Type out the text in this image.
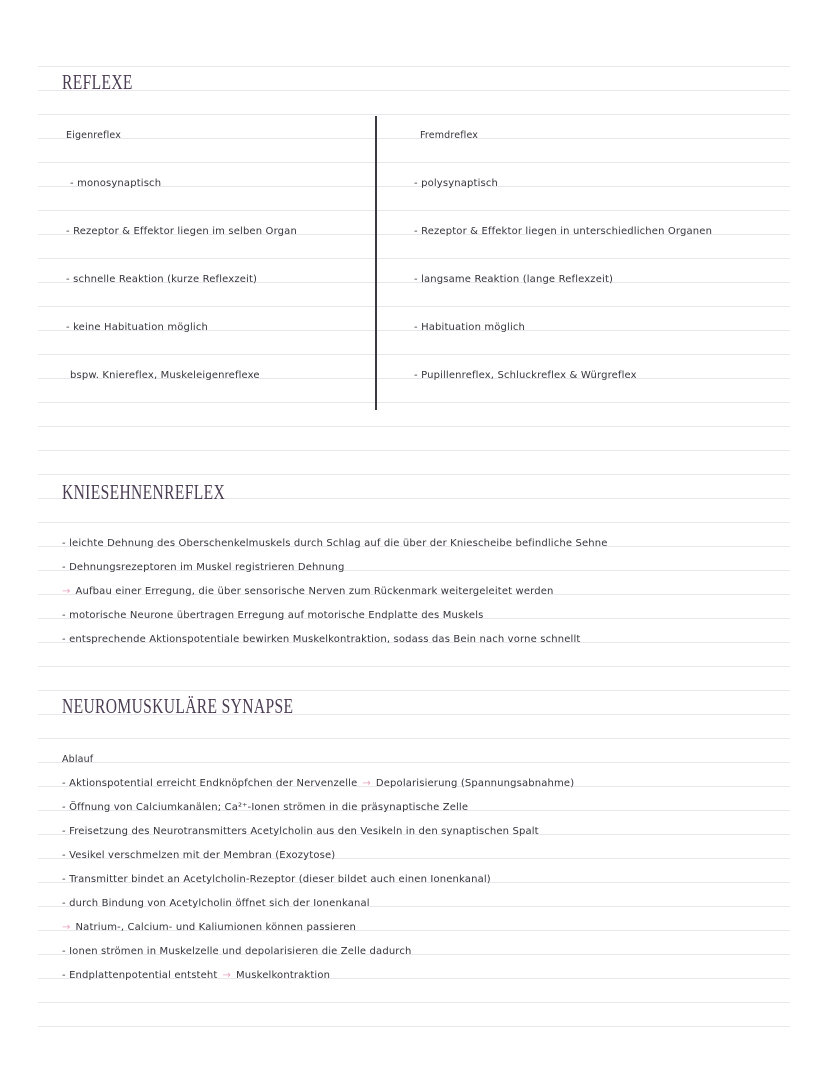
REFLEXE
Eigenreflex	Fremdreflex
- monosynaptisch
- Rezeptor & Effektor liegen im selben Organ
- schnelle Reaktion (kurze Reflexzeit)
- keine Habituation möglich
bspw. Kniereflex, Muskeleigenreflexe
- polysynaptisch
- Rezeptor & Effektor liegen in unterschiedlichen Organen
- langsame Reaktion (lange Reflexzeit)
- Habituation möglich
- Pupillenreflex, Schluckreflex & Würgreflex
KNIESEHNENREFLEX
- leichte Dehnung des Oberschenkelmuskels durch Schlag auf die über der Kniescheibe befindliche Sehne
- Dehnungsrezeptoren im Muskel registrieren Dehnung
→ Aufbau einer Erregung, die über sensorische Nerven zum Rückenmark weitergeleitet werden
- motorische Neurone übertragen Erregung auf motorische Endplatte des Muskels
- entsprechende Aktionspotentiale bewirken Muskelkontraktion, sodass das Bein nach vorne schnellt
NEUROMUSKULÄRE SYNAPSE
Ablauf
- Aktionspotential erreicht Endknöpfchen der Nervenzelle → Depolarisierung (Spannungsabnahme)
- Öffnung von Calciumkanälen; Ca²⁺-Ionen strömen in die präsynaptische Zelle
- Freisetzung des Neurotransmitters Acetylcholin aus den Vesikeln in den synaptischen Spalt
- Vesikel verschmelzen mit der Membran (Exozytose)
- Transmitter bindet an Acetylcholin-Rezeptor (dieser bildet auch einen Ionenkanal)
- durch Bindung von Acetylcholin öffnet sich der Ionenkanal
→ Natrium-, Calcium- und Kaliumionen können passieren
- Ionen strömen in Muskelzelle und depolarisieren die Zelle dadurch
- Endplattenpotential entsteht → Muskelkontraktion
